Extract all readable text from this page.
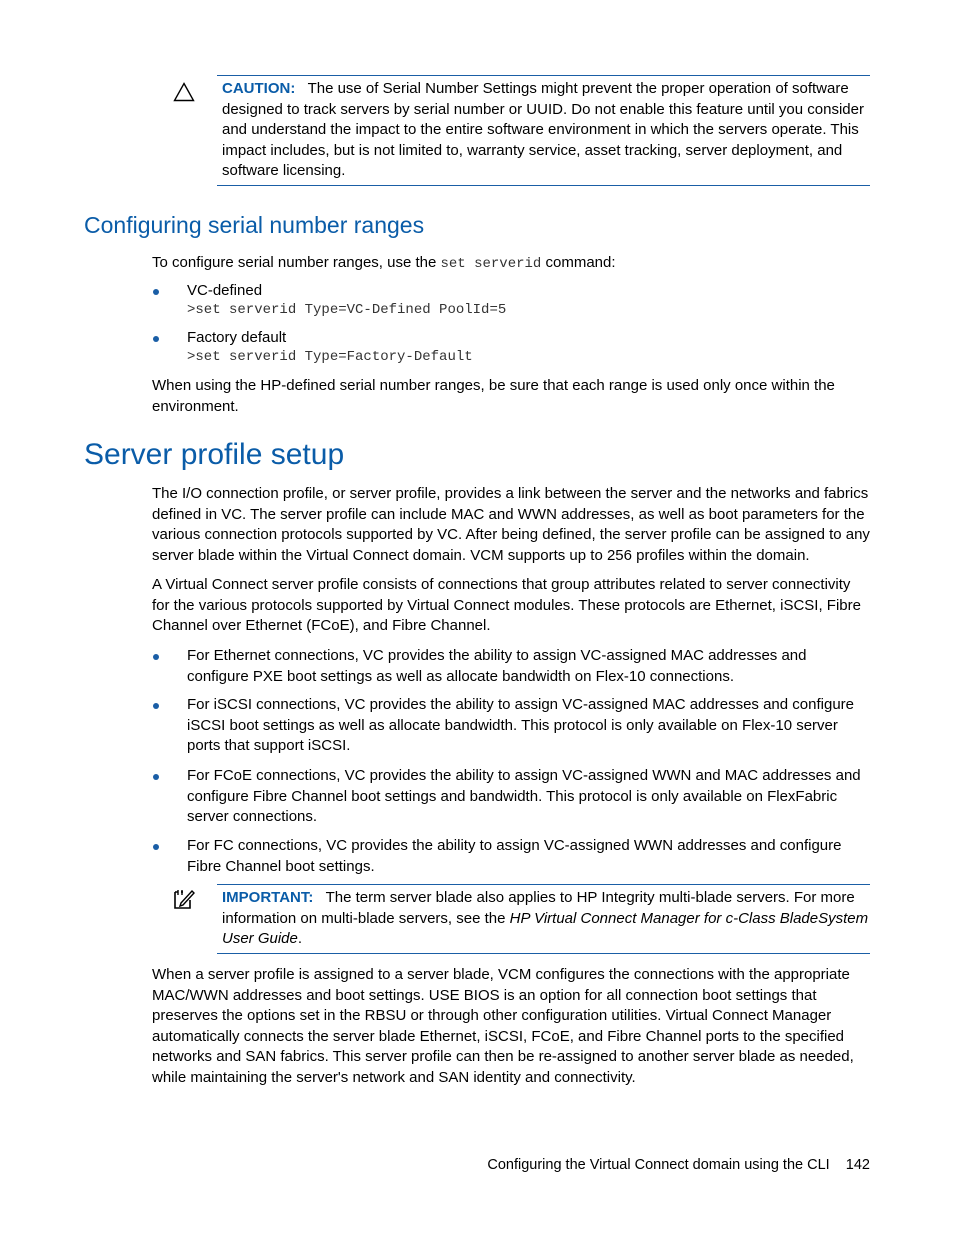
CAUTION: The use of Serial Number Settings might prevent the proper operation of software designed to track servers by serial number or UUID. Do not enable this feature until you consider and understand the impact to the entire software environment in which the servers operate. This impact includes, but is not limited to, warranty service, asset tracking, server deployment, and software licensing.

Configuring serial number ranges

To configure serial number ranges, use the set serverid command:

VC-defined

>set serverid Type=VC-Defined PoolId=5

Factory default

>set serverid Type=Factory-Default

When using the HP-defined serial number ranges, be sure that each range is used only once within the environment.

Server profile setup

The I/O connection profile, or server profile, provides a link between the server and the networks and fabrics defined in VC. The server profile can include MAC and WWN addresses, as well as boot parameters for the various connection protocols supported by VC. After being defined, the server profile can be assigned to any server blade within the Virtual Connect domain. VCM supports up to 256 profiles within the domain.

A Virtual Connect server profile consists of connections that group attributes related to server connectivity for the various protocols supported by Virtual Connect modules. These protocols are Ethernet, iSCSI, Fibre Channel over Ethernet (FCoE), and Fibre Channel.

For Ethernet connections, VC provides the ability to assign VC-assigned MAC addresses and configure PXE boot settings as well as allocate bandwidth on Flex-10 connections.

For iSCSI connections, VC provides the ability to assign VC-assigned MAC addresses and configure iSCSI boot settings as well as allocate bandwidth. This protocol is only available on Flex-10 server ports that support iSCSI.

For FCoE connections, VC provides the ability to assign VC-assigned WWN and MAC addresses and configure Fibre Channel boot settings and bandwidth. This protocol is only available on FlexFabric server connections.

For FC connections, VC provides the ability to assign VC-assigned WWN addresses and configure Fibre Channel boot settings.

IMPORTANT: The term server blade also applies to HP Integrity multi-blade servers. For more information on multi-blade servers, see the HP Virtual Connect Manager for c-Class BladeSystem User Guide.

When a server profile is assigned to a server blade, VCM configures the connections with the appropriate MAC/WWN addresses and boot settings. USE BIOS is an option for all connection boot settings that preserves the options set in the RBSU or through other configuration utilities. Virtual Connect Manager automatically connects the server blade Ethernet, iSCSI, FCoE, and Fibre Channel ports to the specified networks and SAN fabrics. This server profile can then be re-assigned to another server blade as needed, while maintaining the server's network and SAN identity and connectivity.

Configuring the Virtual Connect domain using the CLI 142
